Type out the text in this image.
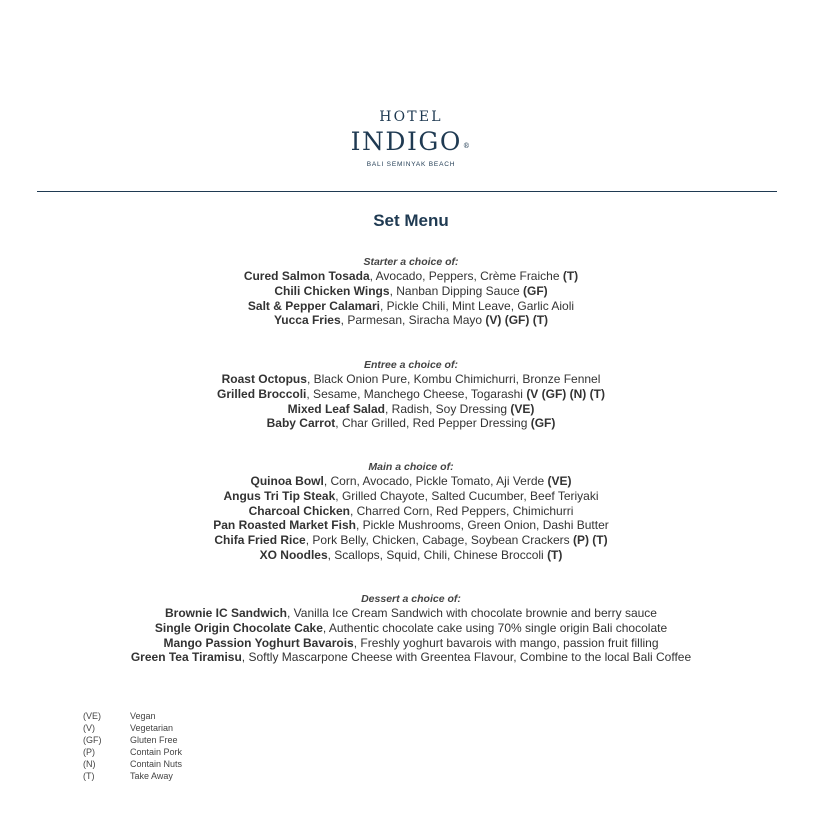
HOTEL
INDIGO®
BALI SEMINYAK BEACH
Set Menu
Starter a choice of:
Cured Salmon Tosada, Avocado, Peppers, Crème Fraiche (T)
Chili Chicken Wings, Nanban Dipping Sauce (GF)
Salt & Pepper Calamari, Pickle Chili, Mint Leave, Garlic Aioli
Yucca Fries, Parmesan, Siracha Mayo (V) (GF) (T)
Entree a choice of:
Roast Octopus, Black Onion Pure, Kombu Chimichurri, Bronze Fennel
Grilled Broccoli, Sesame, Manchego Cheese, Togarashi (V (GF) (N) (T)
Mixed Leaf Salad, Radish, Soy Dressing (VE)
Baby Carrot, Char Grilled, Red Pepper Dressing (GF)
Main a choice of:
Quinoa Bowl, Corn, Avocado, Pickle Tomato, Aji Verde (VE)
Angus Tri Tip Steak, Grilled Chayote, Salted Cucumber, Beef Teriyaki
Charcoal Chicken, Charred Corn, Red Peppers, Chimichurri
Pan Roasted Market Fish, Pickle Mushrooms, Green Onion, Dashi Butter
Chifa Fried Rice, Pork Belly, Chicken, Cabage, Soybean Crackers (P) (T)
XO Noodles, Scallops, Squid, Chili, Chinese Broccoli (T)
Dessert a choice of:
Brownie IC Sandwich, Vanilla Ice Cream Sandwich with chocolate brownie and berry sauce
Single Origin Chocolate Cake, Authentic chocolate cake using 70% single origin Bali chocolate
Mango Passion Yoghurt Bavarois, Freshly yoghurt bavarois with mango, passion fruit filling
Green Tea Tiramisu, Softly Mascarpone Cheese with Greentea Flavour, Combine to the local Bali Coffee
(VE)	Vegan
(V)	Vegetarian
(GF)	Gluten Free
(P)	Contain Pork
(N)	Contain Nuts
(T)	Take Away
